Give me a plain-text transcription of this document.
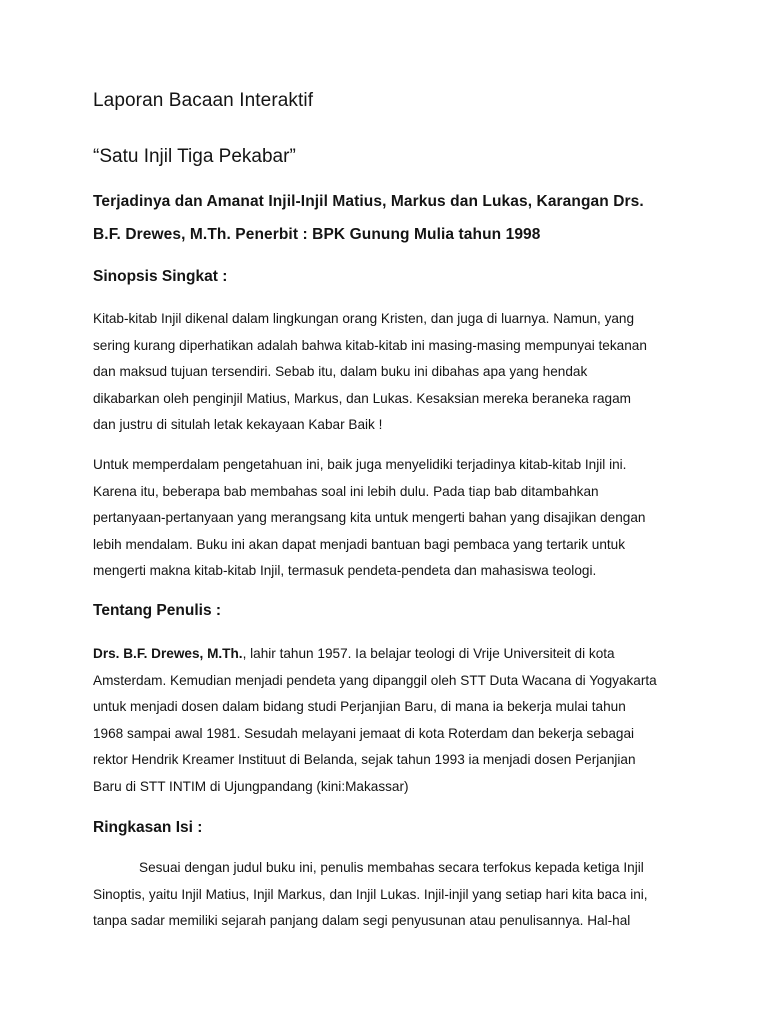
Laporan Bacaan Interaktif
“Satu Injil Tiga Pekabar”
Terjadinya dan Amanat Injil-Injil Matius, Markus dan Lukas, Karangan Drs.
B.F. Drewes, M.Th. Penerbit : BPK Gunung Mulia tahun 1998
Sinopsis Singkat :
Kitab-kitab Injil dikenal dalam lingkungan orang Kristen, dan juga di luarnya. Namun, yang
sering kurang diperhatikan adalah bahwa kitab-kitab ini masing-masing mempunyai tekanan
dan maksud tujuan tersendiri. Sebab itu, dalam buku ini dibahas apa yang hendak
dikabarkan oleh penginjil Matius, Markus, dan Lukas. Kesaksian mereka beraneka ragam
dan justru di situlah letak kekayaan Kabar Baik !
Untuk memperdalam pengetahuan ini, baik juga menyelidiki terjadinya kitab-kitab Injil ini.
Karena itu, beberapa bab membahas soal ini lebih dulu. Pada tiap bab ditambahkan
pertanyaan-pertanyaan yang merangsang kita untuk mengerti bahan yang disajikan dengan
lebih mendalam. Buku ini akan dapat menjadi bantuan bagi pembaca yang tertarik untuk
mengerti makna kitab-kitab Injil, termasuk pendeta-pendeta dan mahasiswa teologi.
Tentang Penulis :
Drs. B.F. Drewes, M.Th., lahir tahun 1957. Ia belajar teologi di Vrije Universiteit di kota
Amsterdam. Kemudian menjadi pendeta yang dipanggil oleh STT Duta Wacana di Yogyakarta
untuk menjadi dosen dalam bidang studi Perjanjian Baru, di mana ia bekerja mulai tahun
1968 sampai awal 1981. Sesudah melayani jemaat di kota Roterdam dan bekerja sebagai
rektor Hendrik Kreamer Instituut di Belanda, sejak tahun 1993 ia menjadi dosen Perjanjian
Baru di STT INTIM di Ujungpandang (kini:Makassar)
Ringkasan Isi :
Sesuai dengan judul buku ini, penulis membahas secara terfokus kepada ketiga Injil
Sinoptis, yaitu Injil Matius, Injil Markus, dan Injil Lukas. Injil-injil yang setiap hari kita baca ini,
tanpa sadar memiliki sejarah panjang dalam segi penyusunan atau penulisannya. Hal-hal
